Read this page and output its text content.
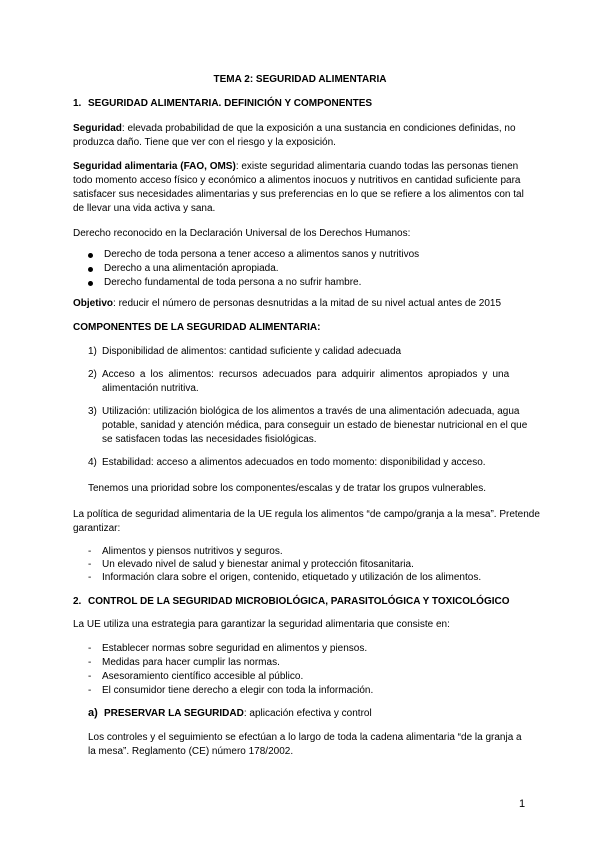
TEMA 2: SEGURIDAD ALIMENTARIA
1. SEGURIDAD ALIMENTARIA. DEFINICIÓN Y COMPONENTES
Seguridad: elevada probabilidad de que la exposición a una sustancia en condiciones definidas, no
produzca daño. Tiene que ver con el riesgo y la exposición.
Seguridad alimentaria (FAO, OMS): existe seguridad alimentaria cuando todas las personas tienen
todo momento acceso físico y económico a alimentos inocuos y nutritivos en cantidad suficiente para
satisfacer sus necesidades alimentarias y sus preferencias en lo que se refiere a los alimentos con tal
de llevar una vida activa y sana.
Derecho reconocido en la Declaración Universal de los Derechos Humanos:
Derecho de toda persona a tener acceso a alimentos sanos y nutritivos
Derecho a una alimentación apropiada.
Derecho fundamental de toda persona a no sufrir hambre.
Objetivo: reducir el número de personas desnutridas a la mitad de su nivel actual antes de 2015
COMPONENTES DE LA SEGURIDAD ALIMENTARIA:
1) Disponibilidad de alimentos: cantidad suficiente y calidad adecuada
2) Acceso a los alimentos: recursos adecuados para adquirir alimentos apropiados y una
alimentación nutritiva.
3) Utilización: utilización biológica de los alimentos a través de una alimentación adecuada, agua
potable, sanidad y atención médica, para conseguir un estado de bienestar nutricional en el que
se satisfacen todas las necesidades fisiológicas.
4) Estabilidad: acceso a alimentos adecuados en todo momento: disponibilidad y acceso.
Tenemos una prioridad sobre los componentes/escalas y de tratar los grupos vulnerables.
La política de seguridad alimentaria de la UE regula los alimentos “de campo/granja a la mesa”. Pretende
garantizar:
- Alimentos y piensos nutritivos y seguros.
- Un elevado nivel de salud y bienestar animal y protección fitosanitaria.
- Información clara sobre el origen, contenido, etiquetado y utilización de los alimentos.
2. CONTROL DE LA SEGURIDAD MICROBIOLÓGICA, PARASITOLÓGICA Y TOXICOLÓGICO
La UE utiliza una estrategia para garantizar la seguridad alimentaria que consiste en:
- Establecer normas sobre seguridad en alimentos y piensos.
- Medidas para hacer cumplir las normas.
- Asesoramiento científico accesible al público.
- El consumidor tiene derecho a elegir con toda la información.
a) PRESERVAR LA SEGURIDAD: aplicación efectiva y control
Los controles y el seguimiento se efectúan a lo largo de toda la cadena alimentaria “de la granja a
la mesa”. Reglamento (CE) número 178/2002.
1
